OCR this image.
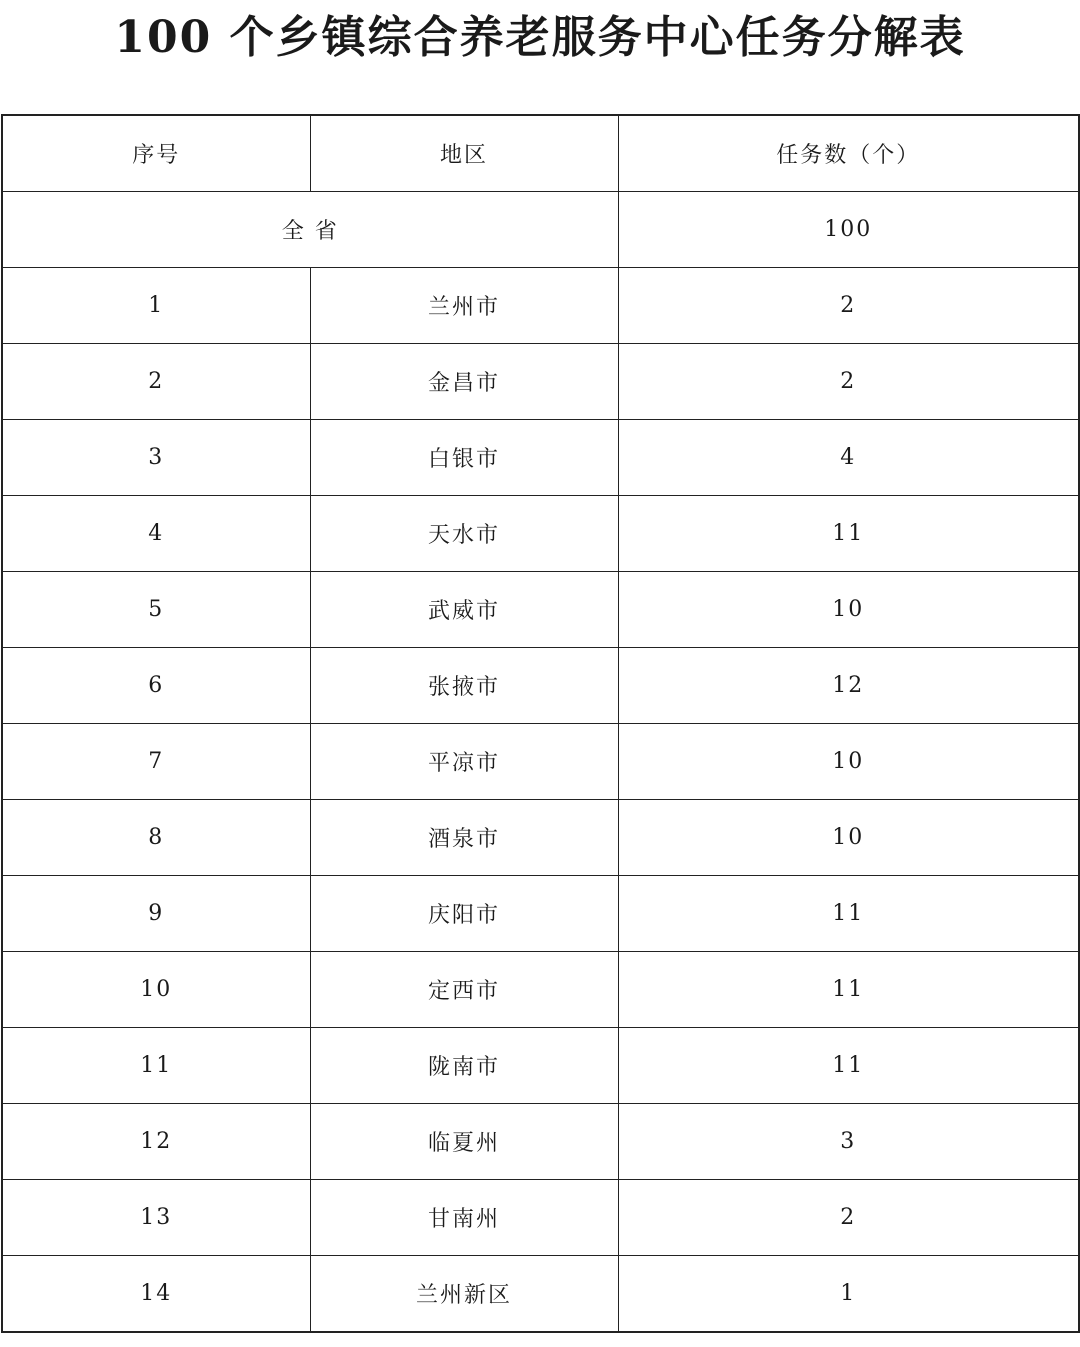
100 个乡镇综合养老服务中心任务分解表
序号	地区	任务数（个）
全 省		100
1	兰州市	2
2	金昌市	2
3	白银市	4
4	天水市	11
5	武威市	10
6	张掖市	12
7	平凉市	10
8	酒泉市	10
9	庆阳市	11
10	定西市	11
11	陇南市	11
12	临夏州	3
13	甘南州	2
14	兰州新区	1
